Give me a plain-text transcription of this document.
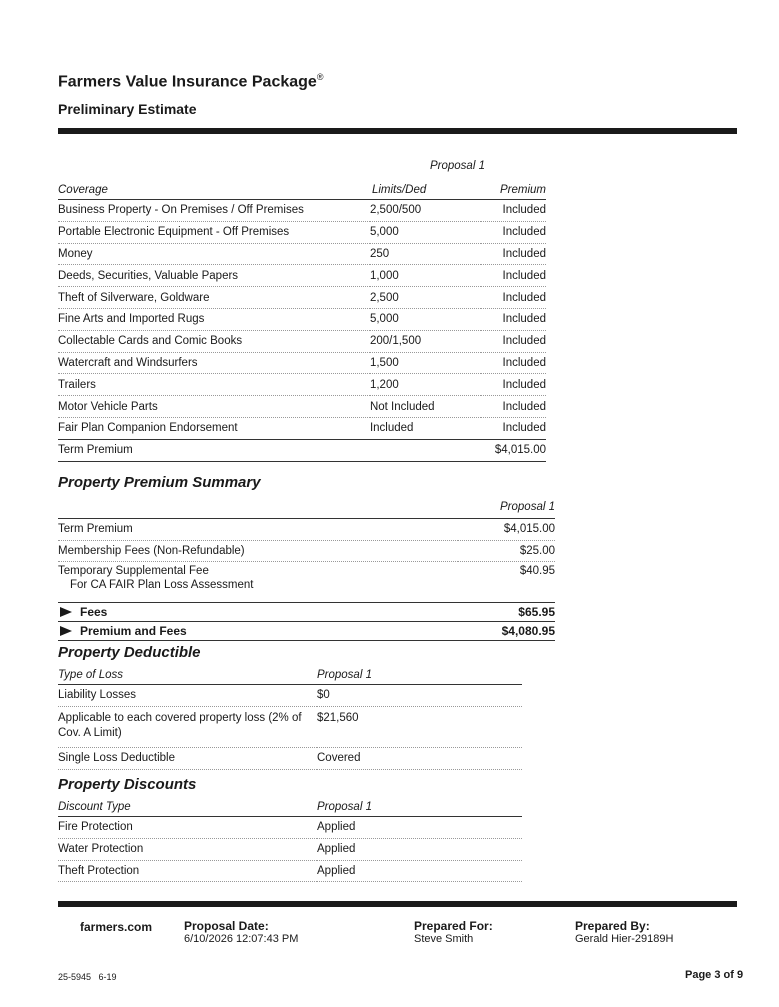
Farmers Value Insurance Package®
Preliminary Estimate
Proposal 1
Coverage	Limits/Ded	Premium
Business Property - On Premises / Off Premises	2,500/500	Included
Portable Electronic Equipment - Off Premises	5,000	Included
Money	250	Included
Deeds, Securities, Valuable Papers	1,000	Included
Theft of Silverware, Goldware	2,500	Included
Fine Arts and Imported Rugs	5,000	Included
Collectable Cards and Comic Books	200/1,500	Included
Watercraft and Windsurfers	1,500	Included
Trailers	1,200	Included
Motor Vehicle Parts	Not Included	Included
Fair Plan Companion Endorsement	Included	Included
Term Premium		$4,015.00
Property Premium Summary
	Proposal 1
Term Premium	$4,015.00
Membership Fees (Non-Refundable)	$25.00

Temporary Supplemental Fee
For CA FAIR Plan Loss Assessment	$40.95
Fees	$65.95
Premium and Fees	$4,080.95
Property Deductible
Type of Loss	Proposal 1
Liability Losses	$0
Applicable to each covered property loss (2% of Cov. A Limit)	$21,560
Single Loss Deductible	Covered
Property Discounts
Discount Type	Proposal 1
Fire Protection	Applied
Water Protection	Applied
Theft Protection	Applied
farmers.com	Proposal Date:
6/10/2026 12:07:43 PM
Prepared For:
Steve Smith
Prepared By:
Gerald Hier-29189H
25-5945   6-19	Page 3 of 9
